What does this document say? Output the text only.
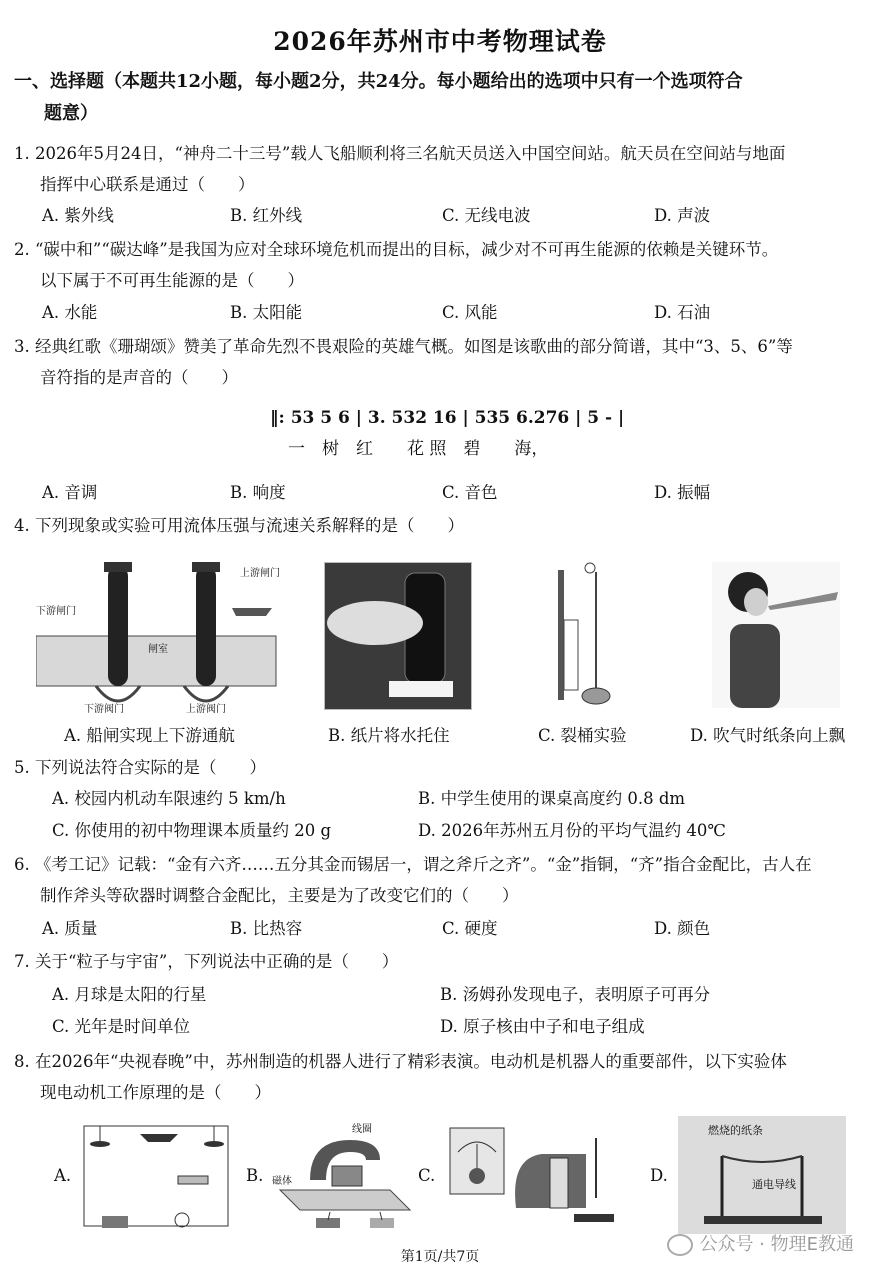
2026年苏州市中考物理试卷
一、选择题（本题共12小题，每小题2分，共24分。每小题给出的选项中只有一个选项符合
题意）
1. 2026年5月24日，“神舟二十三号”载人飞船顺利将三名航天员送入中国空间站。航天员在空间站与地面
指挥中心联系是通过（　　）
A. 紫外线	B. 红外线	C. 无线电波	D. 声波
2. “碳中和”“碳达峰”是我国为应对全球环境危机而提出的目标，减少对不可再生能源的依赖是关键环节。
以下属于不可再生能源的是（　　）
A. 水能	B. 太阳能	C. 风能	D. 石油
3. 经典红歌《珊瑚颂》赞美了革命先烈不畏艰险的英雄气概。如图是该歌曲的部分简谱，其中“3、5、6”等
音符指的是声音的（　　）
‖: 53 5 6 | 3. 532 16 | 535 6.276 | 5 - |
一　树　红　　花 照　碧　　海，
A. 音调	B. 响度	C. 音色	D. 振幅
4. 下列现象或实验可用流体压强与流速关系解释的是（　　）
上游闸门
下游闸门
闸室
下游阀门	上游阀门
A. 船闸实现上下游通航	B. 纸片将水托住	C. 裂桶实验	D. 吹气时纸条向上飘
5. 下列说法符合实际的是（　　）
A. 校园内机动车限速约 5 km/h	B. 中学生使用的课桌高度约 0.8 dm
C. 你使用的初中物理课本质量约 20 g	D. 2026年苏州五月份的平均气温约 40℃
6. 《考工记》记载：“金有六齐……五分其金而锡居一，谓之斧斤之齐”。“金”指铜，“齐”指合金配比，古人在
制作斧头等砍器时调整合金配比，主要是为了改变它们的（　　）
A. 质量	B. 比热容	C. 硬度	D. 颜色
7. 关于“粒子与宇宙”，下列说法中正确的是（　　）
A. 月球是太阳的行星	B. 汤姆孙发现电子，表明原子可再分
C. 光年是时间单位	D. 原子核由中子和电子组成
8. 在2026年“央视春晚”中，苏州制造的机器人进行了精彩表演。电动机是机器人的重要部件，以下实验体
现电动机工作原理的是（　　）
A.	B.
线圈
磁体	C.	D.
燃烧的纸条
通电导线
第1页/共7页
公众号 · 物理E教通
